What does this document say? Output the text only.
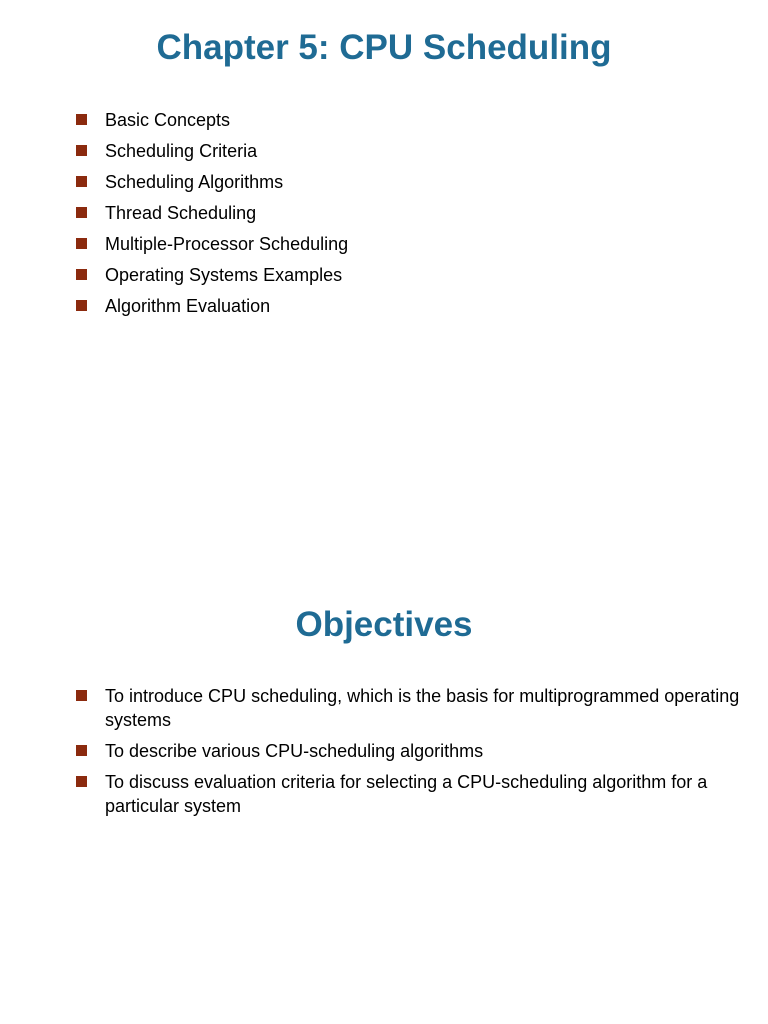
Chapter 5: CPU Scheduling
Basic Concepts
Scheduling Criteria
Scheduling Algorithms
Thread Scheduling
Multiple-Processor Scheduling
Operating Systems Examples
Algorithm Evaluation
Objectives
To introduce CPU scheduling, which is the basis for multiprogrammed operating systems
To describe various CPU-scheduling algorithms
To discuss evaluation criteria for selecting a CPU-scheduling algorithm for a particular system
